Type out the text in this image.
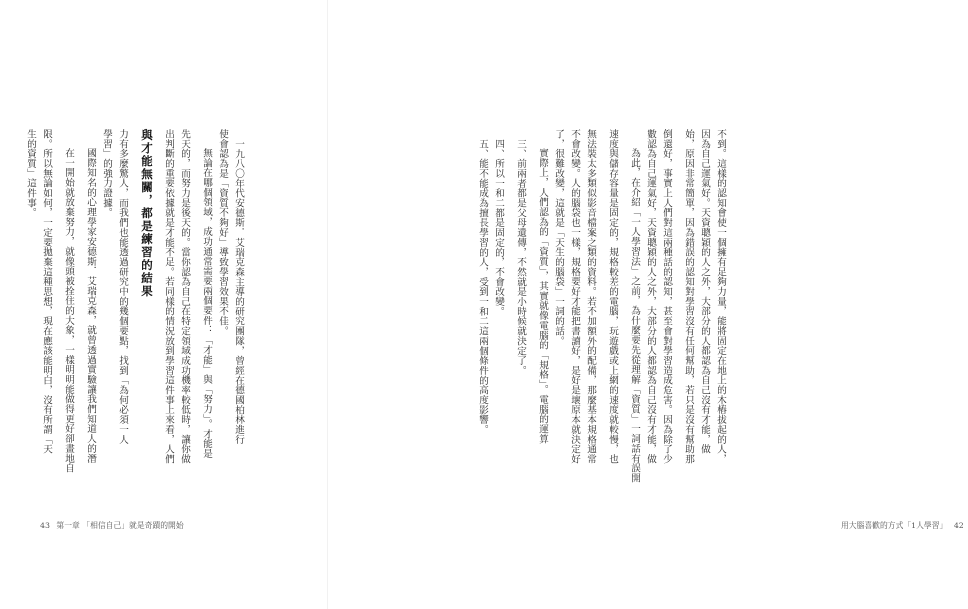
一九八〇年代安德斯．艾瑞克森主導的研究團隊，曾經在德國柏林進行

使會認為是「資質不夠好」導致學習效果不佳。

無論在哪個領域，成功通常需要兩個要件：「才能」與「努力」。才能是

先天的，而努力是後天的。當你認為自己在特定領域成功機率較低時，讓你做

出判斷的重要依據就是才能不足。若同樣的情況放到學習這件事上來看，人們

與才能無關，都是練習的結果

力有多麼驚人，而我們也能透過研究中的幾個要點，找到「為何必須一人

學習」的強力證據。

國際知名的心理學家安德斯．艾瑞克森，就曾透過實驗讓我們知道人的潛

在一開始就放棄努力，就像頭被拴住的大象，一樣明明能做得更好卻畫地自

限。所以無論如何，一定要拋棄這種思想，現在應該能明白，沒有所謂「天

生的資質」這件事。

43 第一章 「相信自己」就是奇蹟的開始

不到。這樣的認知會使一個擁有足夠力量，能將固定在地上的木樁拔起的人，

因為自己運氣好。天資聰穎的人之外，大部分的人都認為自己沒有才能，做

始，原因非常簡單，因為錯誤的認知對學習沒有任何幫助，若只是沒有幫助那

倒還好，事實上人們對這兩種話的認知，甚至會對學習造成危害。因為除了少

數認為自己運氣好，天資聰穎的人之外，大部分的人都認為自己沒有才能，做

為此，在介紹「一人學習法」之前，為什麼要先從理解「資質」一詞話有誤開

速度與儲存容量是固定的，規格較差的電腦，玩遊戲或上網的速度就較慢，也

無法裝太多類似影音檔案之類的資料。若不加額外的配備，那麼基本規格通常

不會改變。人的腦袋也一樣，規格要好才能把書讀好，是好是壞原本就決定好

了，很難改變，這就是「天生的腦袋」一詞的話。

實際上，人們認為的「資質」，其實就像電腦的「規格」。電腦的運算

三、前兩者都是父母遺傳，不然就是小時候就決定了。

四、所以一和二都是固定的，不會改變。

五、能不能成為擅長學習的人，受到一和二這兩個條件的高度影響。

用大腦喜歡的方式「1人學習」 42
